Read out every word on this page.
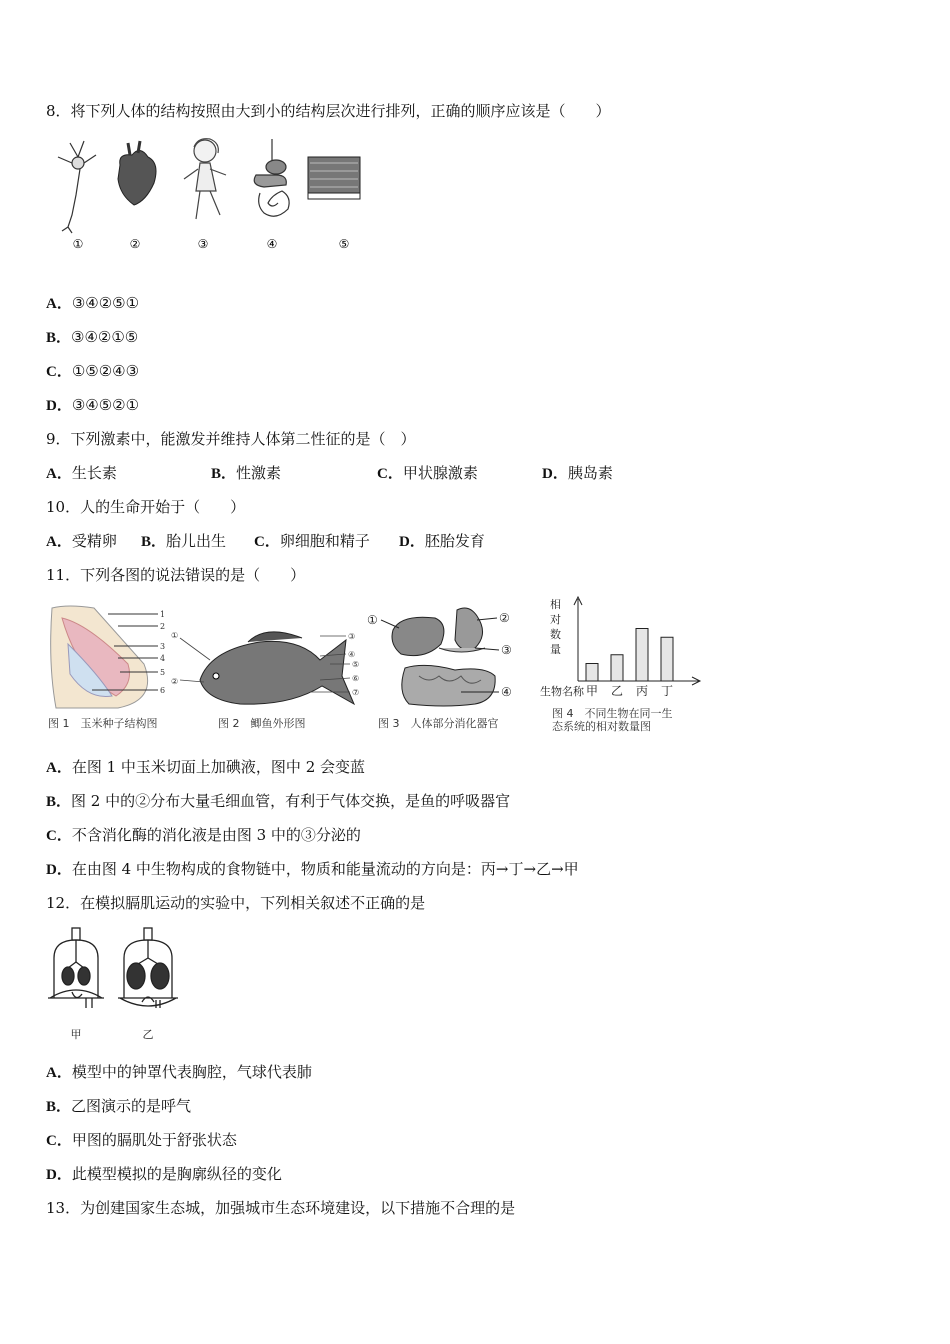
8．将下列人体的结构按照由大到小的结构层次进行排列，正确的顺序应该是（　　）
①	②	③	④	⑤
A．③④②⑤①
B．③④②①⑤
C．①⑤②④③
D．③④⑤②①
9．下列激素中，能激发并维持人体第二性征的是（　）
A．生长素	B．性激素	C．甲状腺激素	D．胰岛素
10．人的生命开始于（　　）
A．受精卵 B．胎儿出生 C．卵细胞和精子 D．胚胎发育
11．下列各图的说法错误的是（　　）
1
2
3
4
5
6
图 1　玉米种子结构图
①
②
③
④
⑤
⑥
⑦
图 2　鲫鱼外形图
①	②
③
④
图 3　人体部分消化器官
相
对
数
量
甲 乙 丙 丁
生物名称
图 4　不同生物在同一生
态系统的相对数量图
A．在图 1 中玉米切面上加碘液，图中 2 会变蓝
B．图 2 中的②分布大量毛细血管，有利于气体交换，是鱼的呼吸器官
C．不含消化酶的消化液是由图 3 中的③分泌的
D．在由图 4 中生物构成的食物链中，物质和能量流动的方向是：丙→丁→乙→甲
12．在模拟膈肌运动的实验中，下列相关叙述不正确的是
甲	乙
A．模型中的钟罩代表胸腔，气球代表肺
B．乙图演示的是呼气
C．甲图的膈肌处于舒张状态
D．此模型模拟的是胸廓纵径的变化
13．为创建国家生态城，加强城市生态环境建设，以下措施不合理的是
